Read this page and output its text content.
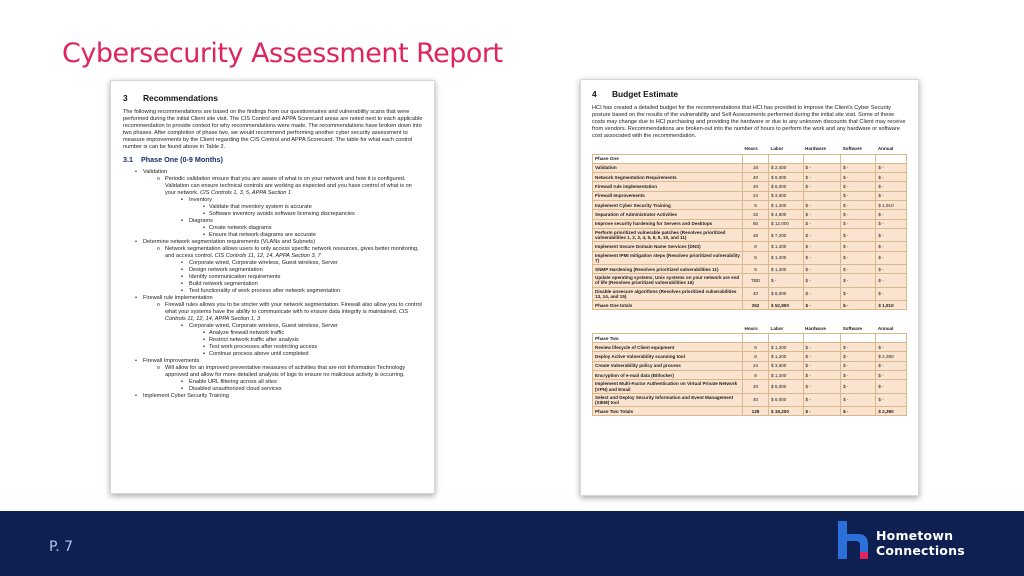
Cybersecurity Assessment Report
3	Recommendations
The following recommendations are based on the findings from our questionnaires and vulnerability scans that were performed during the initial Client site visit. The CIS Control and APPA Scorecard areas are noted next to each applicable recommendation to provide context for why recommendations were made. The recommendations have broken down into two phases. After completion of phase two, we would recommend performing another cyber security assessment to measure improvements by the Client regarding the CIS Control and APPA Scorecard. The table for what each control number is can be found above in Table 2.
3.1	Phase One (0-9 Months)
• Validation
o Periodic validation ensure that you are aware of what is on your network and how it is configured. Validation can ensure technical controls are working as expected and you have control of what is on your network. CIS Controls 1, 3, 5, APPA Section 1
▪ Inventory
▪ Validate that inventory system is accurate
▪ Software inventory avoids software licensing discrepancies
▪ Diagrams
▪ Create network diagrams
▪ Ensure that network diagrams are accurate
• Determine network segmentation requirements (VLANs and Subnets)
o Network segmentation allows users to only access specific network resources, gives better monitoring, and access control. CIS Controls 11, 12, 14, APPA Section 3, 7
▪ Corporate wired, Corporate wireless, Guest wireless, Server
▪ Design network segmentation
▪ Identify communication requirements
▪ Build network segmentation
▪ Test functionality of work process after network segmentation
• Firewall rule implementation
o Firewall rules allows you to be stricter with your network segmentation. Firewall also allow you to control what your systems have the ability to communicate with to ensure data integrity is maintained. CIS Controls 11, 12, 14, APPA Section 1, 3
▪ Corporate wired, Corporate wireless, Guest wireless, Server
▪ Analyze firewall network traffic
▪ Restrict network traffic after analysis
▪ Test work processes after restricting access
▪ Continue process above until completed
• Firewall Improvements
o Will allow for an improved preventative measures of activities that are not Information Technology approved and allow for more detailed analysis of logs to ensure no malicious activity is occurring.
▪ Enable URL filtering across all sites
▪ Disabled unauthorized cloud services
• Implement Cyber Security Training
4	Budget Estimate
HCI has created a detailed budget for the recommendations that HCI has provided to improve the Client's Cyber Security posture based on the results of the vulnerability and Self Assessments performed during the initial site visit. Some of these costs may change due to HCI purchasing and providing the hardware or due to any unknown discounts that Client may receive from vendors. Recommendations are broken-out into the number of hours to perform the work and any hardware or software cost associated with the recommendation.
	Hours	Labor	Hardware	Software	Annual
Phase One					
Validation	16	$ 2,400	$ -	$ -	$ -
Network Segmentation Requirements	40	$ 6,000	$ -	$ -	$ -
Firewall rule implementation	40	$ 6,000	$ -	$ -	$ -
Firewall Improvements	24	$ 3,600		$ -	$ -
Implement Cyber Security Training	8	$ 1,200	$ -	$ -	$ 1,910
Separation of Administrator Activities	32	$ 4,800	$ -	$ -	$ -
Improve security hardening for Servers and Desktops	80	$ 12,000	$ -	$ -	$ -
Perform prioritized vulnerable patches (Resolves prioritized vulnerabilities 1, 2, 3, 4, 5, 6, 9, 10, and 11)	48	$ 7,200	$ -	$ -	$ -
Implement Secure Domain Name Services (DNS)	8	$ 1,200	$ -	$ -	$ -
Implement IPMI mitigation steps (Resolves prioritized vulnerability 7)	8	$ 1,200	$ -	$ -	$ -
SNMP Hardening (Resolves prioritized vulnerabilities 11)	8	$ 1,200	$ -	$ -	$ -
Update operating systems, Unix systems on your network are end of life (Resolves prioritized vulnerabilities 16)	TBD	$ -	$ -	$ -	$ -
Disable unsecure algorithms (Resolves prioritized vulnerabilities 13, 14, and 15)	40	$ 6,000	$ -	$ -	$ -
Phase One totals	352	$ 52,800	$ -	$ -	$ 1,910
	Hours	Labor	Hardware	Software	Annual
Phase Two					
Review lifecycle of Client equipment	8	$ 1,200	$ -	$ -	$ -
Deploy Active Vulnerability scanning tool	8	$ 1,200	$ -	$ -	$ 2,390
Create Vulnerability policy and process	24	$ 3,600	$ -	$ -	$ -
Encryption of e-mail data (Bitlocker)	8	$ 1,200	$ -	$ -	$ -
Implement Multi-Factor Authentication on Virtual Private Network (VPN) and Email	40	$ 6,000	$ -	$ -	$ -
Select and Deploy Security Information and Event Management (SIEM) tool	40	$ 6,000	$ -	$ -	$ -
Phase Two Totals	128	$ 19,200	$ -	$ -	$ 2,390
P. 7
Hometown
Connections
